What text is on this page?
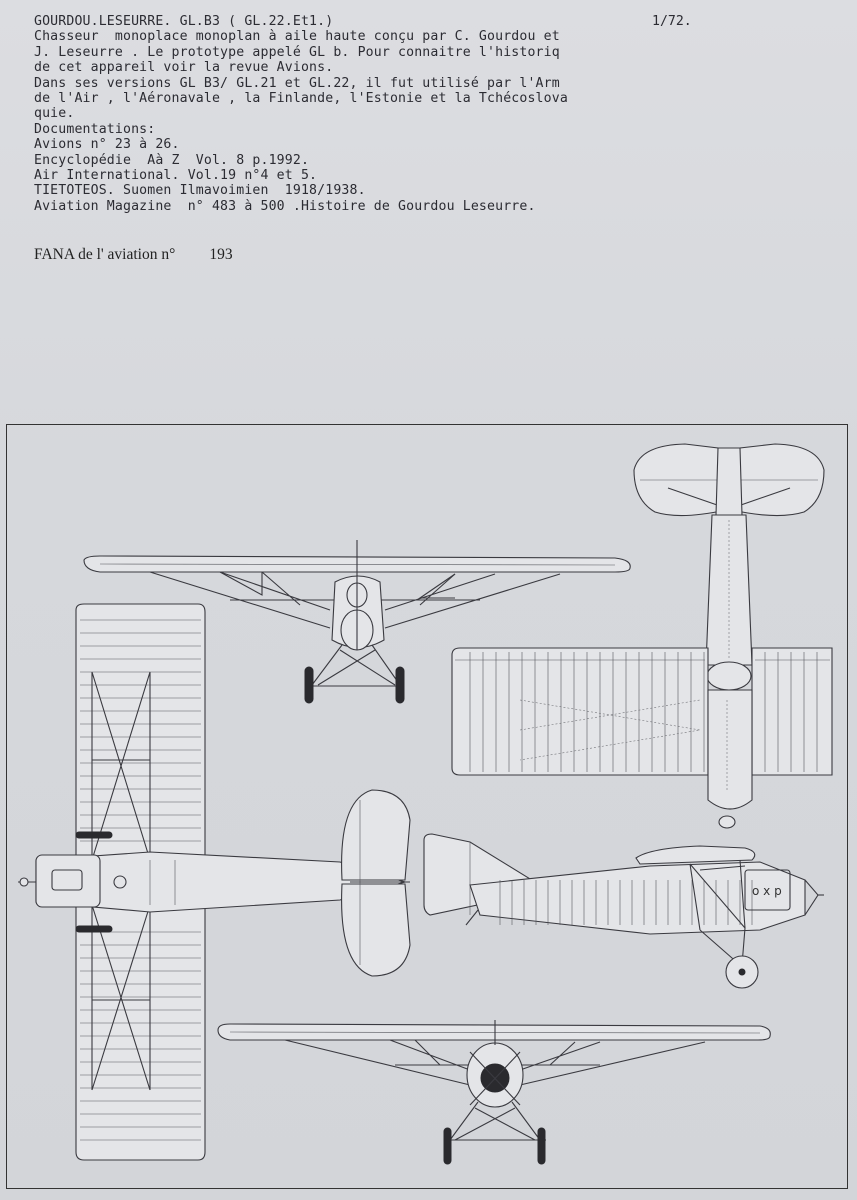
GOURDOU.LESEURRE. GL.B3 ( GL.22.Et1.)
Chasseur  monoplace monoplan à aile haute conçu par C. Gourdou et
J. Leseurre . Le prototype appelé GL b. Pour connaitre l'historiq
de cet appareil voir la revue Avions.
Dans ses versions GL B3/ GL.21 et GL.22, il fut utilisé par l'Arm
de l'Air , l'Aéronavale , la Finlande, l'Estonie et la Tchécoslova
quie.
Documentations:
Avions n° 23 à 26.
Encyclopédie  Aà Z  Vol. 8 p.1992.
Air International. Vol.19 n°4 et 5.
TIETOTEOS. Suomen Ilmavoimien  1918/1938.
Aviation Magazine  n° 483 à 500 .Histoire de Gourdou Leseurre.
1/72.
FANA de l' aviation n° 193
o x p
